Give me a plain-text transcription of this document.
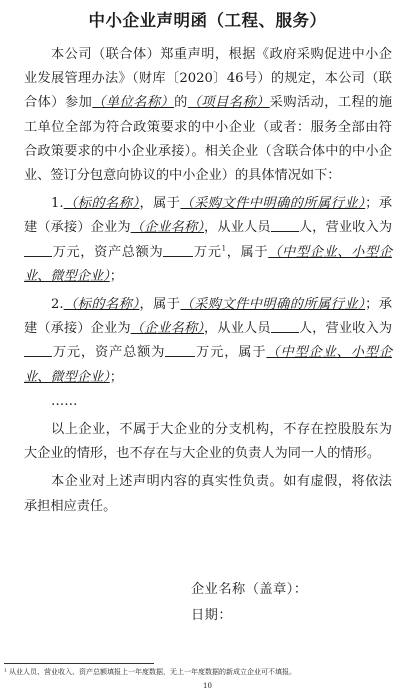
中小企业声明函（工程、服务）

本公司（联合体）郑重声明，根据《政府采购促进中小企业发展管理办法》（财库〔2020〕46号）的规定，本公司（联合体）参加（单位名称）的（项目名称）采购活动，工程的施工单位全部为符合政策要求的中小企业（或者：服务全部由符合政策要求的中小企业承接）。相关企业（含联合体中的中小企业、签订分包意向协议的中小企业）的具体情况如下：

1.（标的名称），属于（采购文件中明确的所属行业）；承建（承接）企业为（企业名称），从业人员 人，营业收入为万元，资产总额为 万元$^1$，属于（中型企业、小型企业、微型企业）；

2.（标的名称），属于（采购文件中明确的所属行业）；承建（承接）企业为（企业名称），从业人员 人，营业收入为万元，资产总额为 万元，属于（中型企业、小型企业、微型企业）；

……

以上企业，不属于大企业的分支机构，不存在控股股东为大企业的情形，也不存在与大企业的负责人为同一人的情形。

本企业对上述声明内容的真实性负责。如有虚假，将依法承担相应责任。

企业名称（盖章）：
日期：
¹ 从业人员、营业收入、资产总额填报上一年度数据，无上一年度数据的新成立企业可不填报。
10
